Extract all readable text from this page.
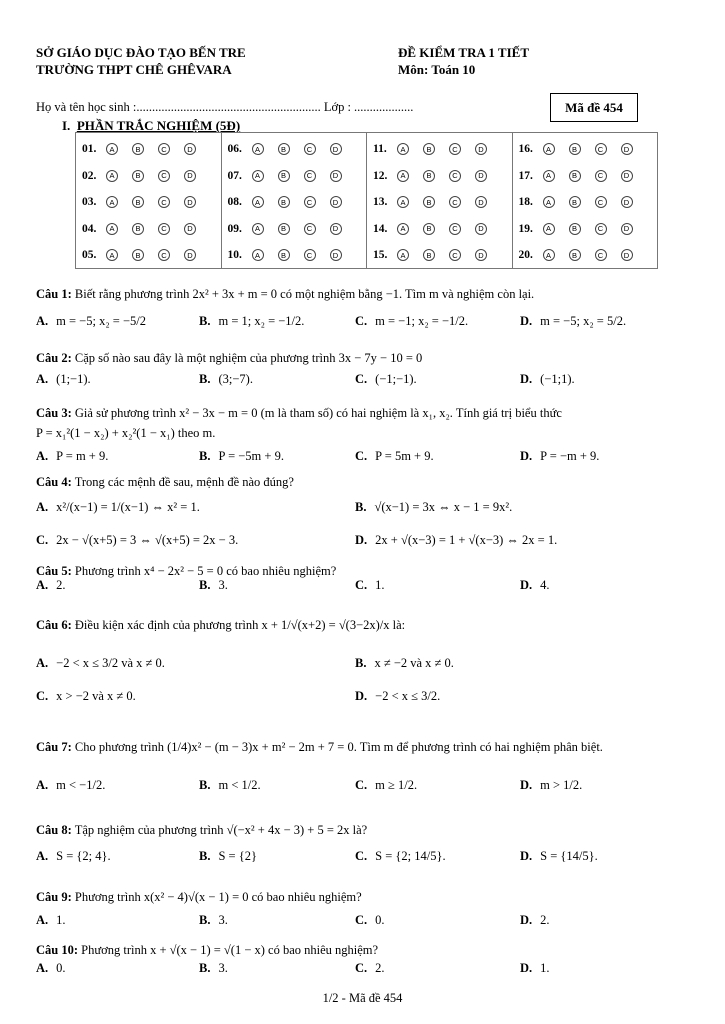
SỞ GIÁO DỤC ĐÀO TẠO BẾN TRE
TRƯỜNG THPT CHÊ GHÊVARA
ĐỀ KIỂM TRA 1 TIẾT
Môn: Toán 10
Họ và tên học sinh :........................................................... Lớp : ...................	Mã đề 454
I. PHẦN TRẮC NGHIỆM (5Đ)
01.	A	B	C	D
02.	A	B	C	D
03.	A	B	C	D
04.	A	B	C	D
05.	A	B	C	D
06.	A	B	C	D
07.	A	B	C	D
08.	A	B	C	D
09.	A	B	C	D
10.	A	B	C	D
11.	A	B	C	D
12.	A	B	C	D
13.	A	B	C	D
14.	A	B	C	D
15.	A	B	C	D
16.	A	B	C	D
17.	A	B	C	D
18.	A	B	C	D
19.	A	B	C	D
20.	A	B	C	D
Câu 1: Biết rằng phương trình 2x² + 3x + m = 0 có một nghiệm bằng −1. Tìm m và nghiệm còn lại.
A. m = −5; x₂ = −5/2	B. m = 1; x₂ = −1/2.	C. m = −1; x₂ = −1/2.	D. m = −5; x₂ = 5/2.
Câu 2: Cặp số nào sau đây là một nghiệm của phương trình 3x − 7y − 10 = 0
A. (1;−1).	B. (3;−7).	C. (−1;−1).	D. (−1;1).
Câu 3: Giả sử phương trình x² − 3x − m = 0 (m là tham số) có hai nghiệm là x₁, x₂. Tính giá trị biểu thức
P = x₁²(1 − x₂) + x₂²(1 − x₁) theo m.
A. P = m + 9.	B. P = −5m + 9.	C. P = 5m + 9.	D. P = −m + 9.
Câu 4: Trong các mệnh đề sau, mệnh đề nào đúng?
A. x²/(x−1) = 1/(x−1) ⇔ x² = 1.	B. √(x−1) = 3x ⇔ x − 1 = 9x².
C. 2x − √(x+5) = 3 ⇔ √(x+5) = 2x − 3.	D. 2x + √(x−3) = 1 + √(x−3) ⇔ 2x = 1.
Câu 5: Phương trình x⁴ − 2x² − 5 = 0 có bao nhiêu nghiệm?
A. 2.	B. 3.	C. 1.	D. 4.
Câu 6: Điều kiện xác định của phương trình x + 1/√(x+2) = √(3−2x)/x là:
A. −2 < x ≤ 3/2 và x ≠ 0.	B. x ≠ −2 và x ≠ 0.
C. x > −2 và x ≠ 0.	D. −2 < x ≤ 3/2.
Câu 7: Cho phương trình (1/4)x² − (m − 3)x + m² − 2m + 7 = 0. Tìm m để phương trình có hai nghiệm phân biệt.
A. m < −1/2.	B. m < 1/2.	C. m ≥ 1/2.	D. m > 1/2.
Câu 8: Tập nghiệm của phương trình √(−x² + 4x − 3) + 5 = 2x là?
A. S = {2; 4}.	B. S = {2}	C. S = {2; 14/5}.	D. S = {14/5}.
Câu 9: Phương trình x(x² − 4)√(x − 1) = 0 có bao nhiêu nghiệm?
A. 1.	B. 3.	C. 0.	D. 2.
Câu 10: Phương trình x + √(x − 1) = √(1 − x) có bao nhiêu nghiệm?
A. 0.	B. 3.	C. 2.	D. 1.
1/2 - Mã đề 454
